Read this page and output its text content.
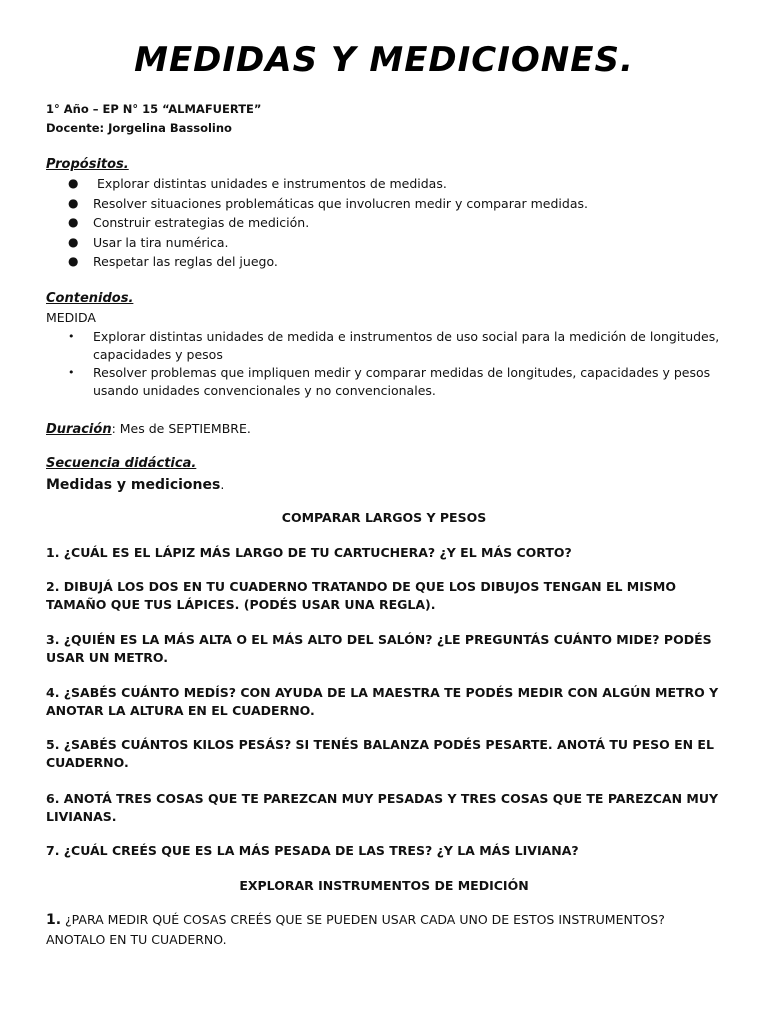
MEDIDAS Y MEDICIONES.
1° Año – EP N° 15 “ALMAFUERTE”
Docente: Jorgelina Bassolino
Propósitos.
● Explorar distintas unidades e instrumentos de medidas.
● Resolver situaciones problemáticas que involucren medir y comparar medidas.
● Construir estrategias de medición.
● Usar la tira numérica.
● Respetar las reglas del juego.
Contenidos.
MEDIDA
• Explorar distintas unidades de medida e instrumentos de uso social para la medición de longitudes, capacidades y pesos
• Resolver problemas que impliquen medir y comparar medidas de longitudes, capacidades y pesos usando unidades convencionales y no convencionales.
Duración: Mes de SEPTIEMBRE.
Secuencia didáctica.
Medidas y mediciones.
COMPARAR LARGOS Y PESOS
1. ¿CUÁL ES EL LÁPIZ MÁS LARGO DE TU CARTUCHERA? ¿Y EL MÁS CORTO?
2. DIBUJÁ LOS DOS EN TU CUADERNO TRATANDO DE QUE LOS DIBUJOS TENGAN EL MISMO TAMAÑO QUE TUS LÁPICES. (PODÉS USAR UNA REGLA).
3. ¿QUIÉN ES LA MÁS ALTA O EL MÁS ALTO DEL SALÓN? ¿LE PREGUNTÁS CUÁNTO MIDE? PODÉS USAR UN METRO.
4. ¿SABÉS CUÁNTO MEDÍS? CON AYUDA DE LA MAESTRA TE PODÉS MEDIR CON ALGÚN METRO Y ANOTAR LA ALTURA EN EL CUADERNO.
5. ¿SABÉS CUÁNTOS KILOS PESÁS? SI TENÉS BALANZA PODÉS PESARTE. ANOTÁ TU PESO EN EL CUADERNO.
6. ANOTÁ TRES COSAS QUE TE PAREZCAN MUY PESADAS Y TRES COSAS QUE TE PAREZCAN MUY LIVIANAS.
7. ¿CUÁL CREÉS QUE ES LA MÁS PESADA DE LAS TRES? ¿Y LA MÁS LIVIANA?
EXPLORAR INSTRUMENTOS DE MEDICIÓN
1. ¿PARA MEDIR QUÉ COSAS CREÉS QUE SE PUEDEN USAR CADA UNO DE ESTOS INSTRUMENTOS? ANOTALO EN TU CUADERNO.
